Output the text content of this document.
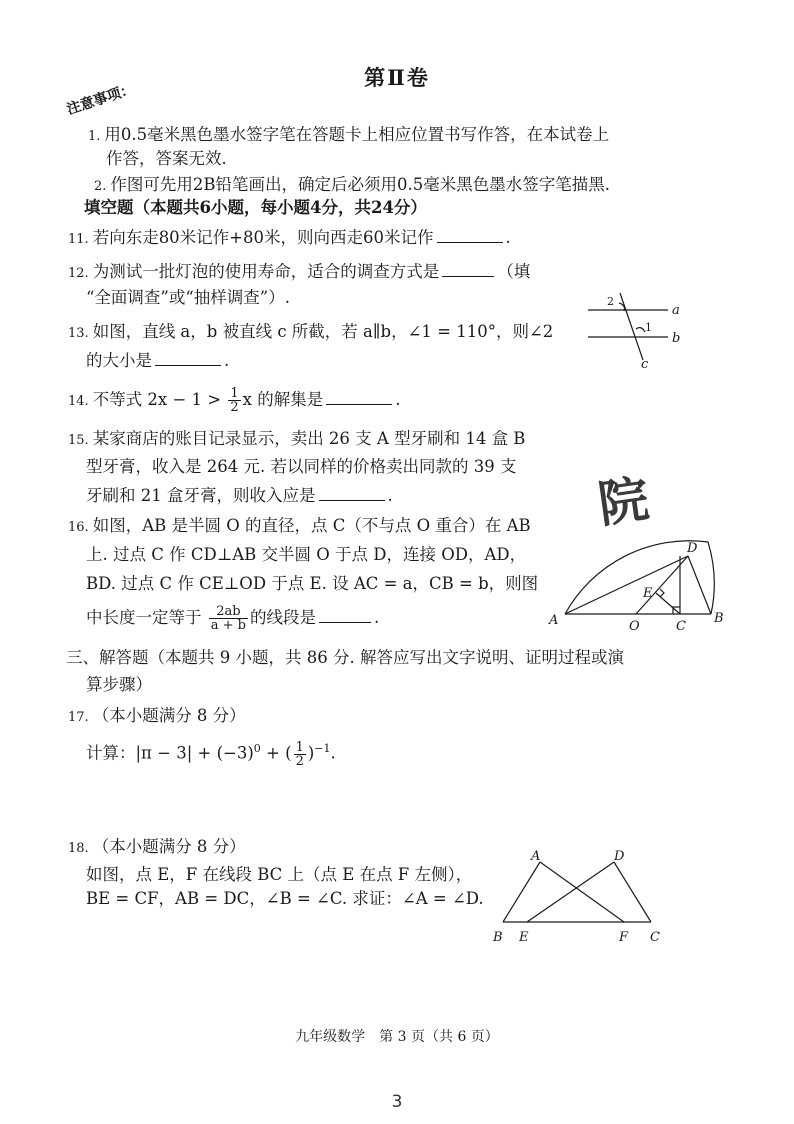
第Ⅱ卷
注意事项：
1. 用0.5毫米黑色墨水签字笔在答题卡上相应位置书写作答，在本试卷上
作答，答案无效.
2. 作图可先用2B铅笔画出，确定后必须用0.5毫米黑色墨水签字笔描黑.
填空题（本题共6小题，每小题4分，共24分）
11. 若向东走80米记作+80米，则向西走60米记作	.
12. 为测试一批灯泡的使用寿命，适合的调查方式是	（填
“全面调查”或“抽样调查”）.
13. 如图，直线 a，b 被直线 c 所截，若 a∥b，∠1 = 110°，则∠2
的大小是	.
a
b
c
1
2
14. 不等式 $2x - 1 > \frac{1}{2}$ x 的解集是	.
15. 某家商店的账目记录显示，卖出 26 支 A 型牙刷和 14 盒 B
型牙膏，收入是 264 元. 若以同样的价格卖出同款的 39 支
牙刷和 21 盒牙膏，则收入应是	.	院
16. 如图，AB 是半圆 O 的直径，点 C（不与点 O 重合）在 AB
上. 过点 C 作 CD⊥AB 交半圆 O 于点 D，连接 OD，AD，
BD. 过点 C 作 CE⊥OD 于点 E. 设 AC = a，CB = b，则图
中长度一定等于 $\frac{2ab}{a + b}$ 的线段是	.	A	O	C
B
D
E
三、解答题（本题共 9 小题，共 86 分. 解答应写出文字说明、证明过程或演
算步骤）
17. （本小题满分 8 分）
计算：$|\pi - 3| + (-3)^0$ + ( $\frac{1}{2} )^{-1}$.
18. （本小题满分 8 分）
如图，点 E，F 在线段 BC 上（点 E 在点 F 左侧），
BE = CF，AB = DC，∠B = ∠C. 求证：∠A = ∠D.
A	D
B E	F C
九年级数学　第 3 页（共 6 页）
3
